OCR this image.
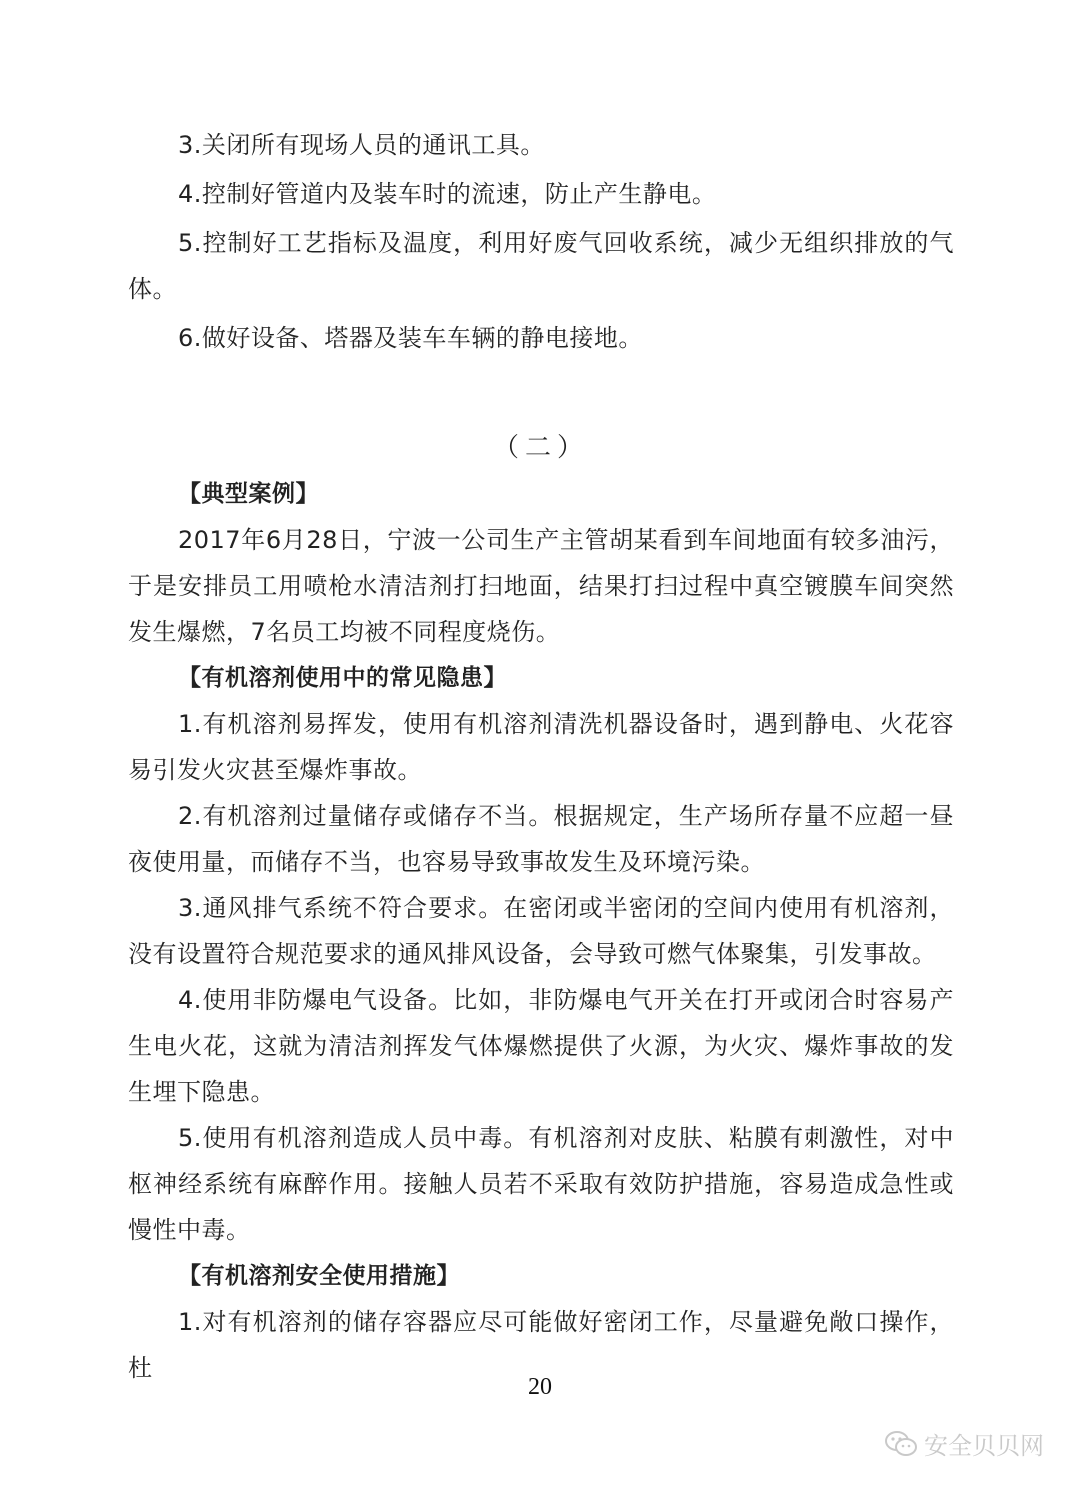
3.关闭所有现场人员的通讯工具。

4.控制好管道内及装车时的流速，防止产生静电。

5.控制好工艺指标及温度，利用好废气回收系统，减少无组织排放的气体。

6.做好设备、塔器及装车车辆的静电接地。

（二）

【典型案例】

2017年6月28日，宁波一公司生产主管胡某看到车间地面有较多油污，于是安排员工用喷枪水清洁剂打扫地面，结果打扫过程中真空镀膜车间突然发生爆燃，7名员工均被不同程度烧伤。

【有机溶剂使用中的常见隐患】

1.有机溶剂易挥发，使用有机溶剂清洗机器设备时，遇到静电、火花容易引发火灾甚至爆炸事故。

2.有机溶剂过量储存或储存不当。根据规定，生产场所存量不应超一昼夜使用量，而储存不当，也容易导致事故发生及环境污染。

3.通风排气系统不符合要求。在密闭或半密闭的空间内使用有机溶剂，没有设置符合规范要求的通风排风设备，会导致可燃气体聚集，引发事故。

4.使用非防爆电气设备。比如，非防爆电气开关在打开或闭合时容易产生电火花，这就为清洁剂挥发气体爆燃提供了火源，为火灾、爆炸事故的发生埋下隐患。

5.使用有机溶剂造成人员中毒。有机溶剂对皮肤、粘膜有刺激性，对中枢神经系统有麻醉作用。接触人员若不采取有效防护措施，容易造成急性或慢性中毒。

【有机溶剂安全使用措施】

1.对有机溶剂的储存容器应尽可能做好密闭工作，尽量避免敞口操作，杜

20
安全贝贝网
